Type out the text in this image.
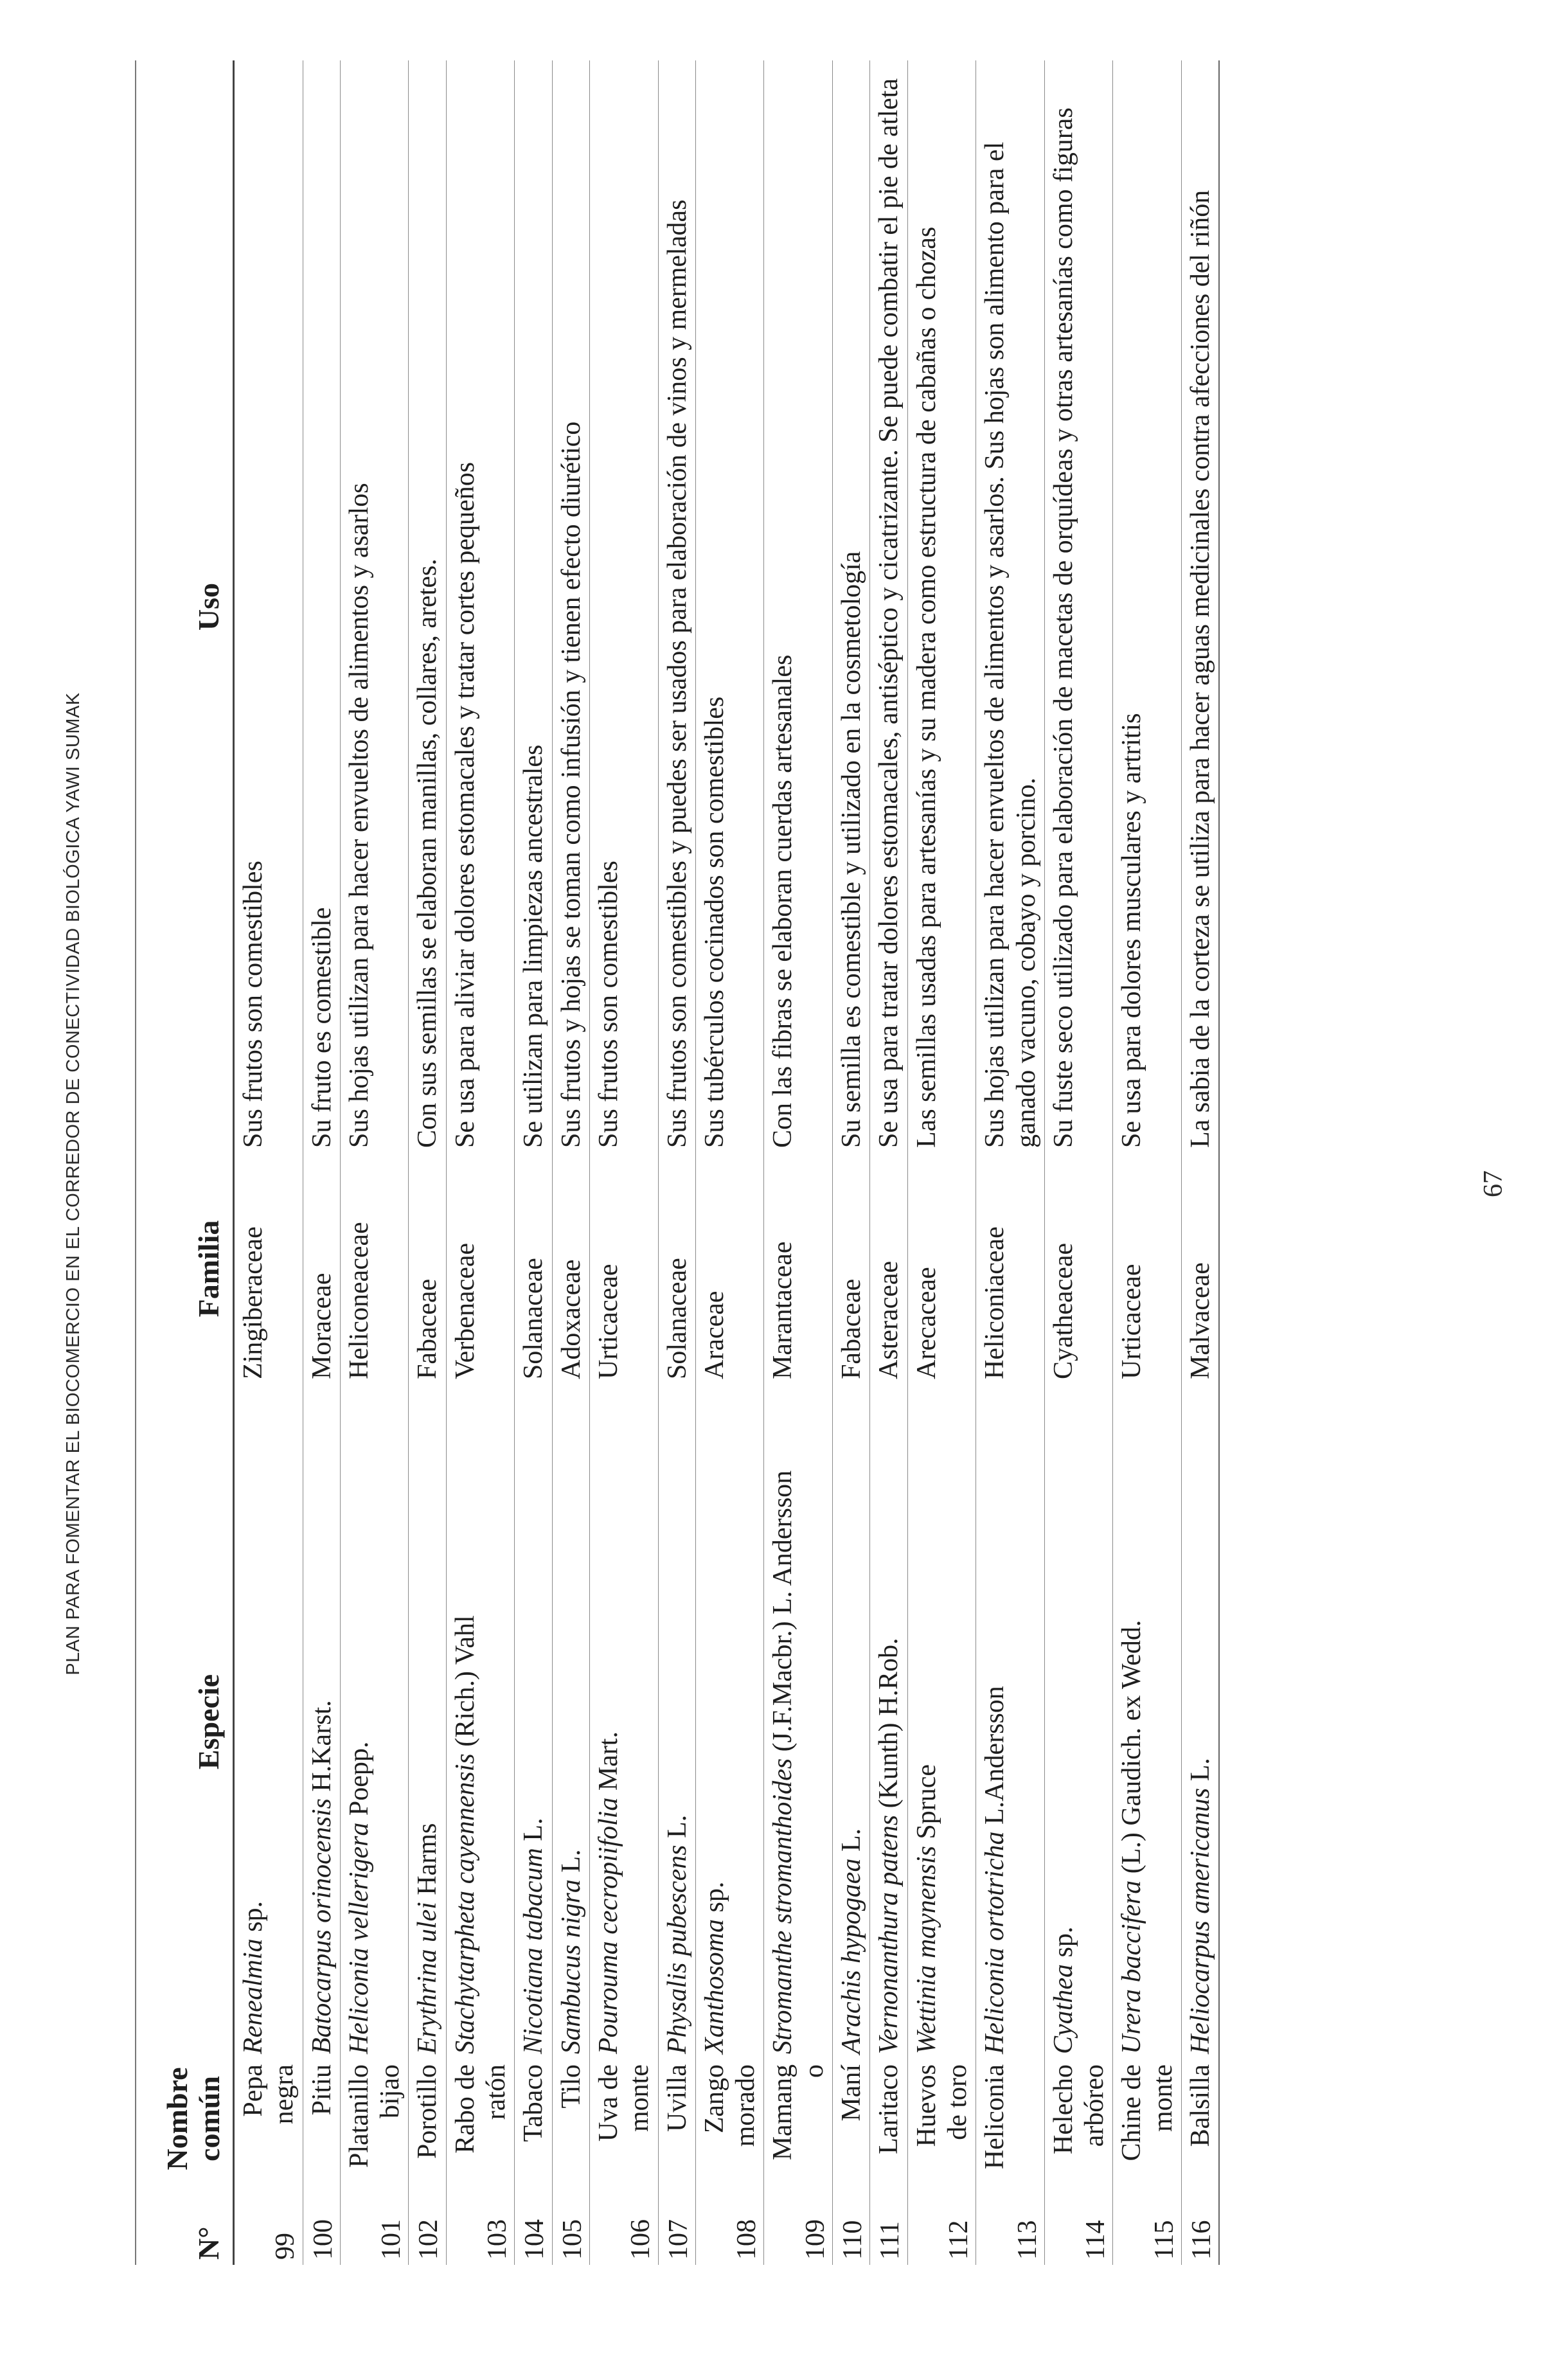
PLAN PARA FOMENTAR EL BIOCOMERCIO EN EL CORREDOR DE CONECTIVIDAD BIOLÓGICA YAWI SUMAK
N°	Nombre común	Especie	Familia	Uso
99	Pepa negra	Renealmia sp.	Zingiberaceae	Sus frutos son comestibles
100	Pitiu	Batocarpus orinocensis H.Karst.	Moraceae	Su fruto es comestible
101	Platanillo bijao	Heliconia vellerigera Poepp.	Heliconeaceae	Sus hojas utilizan para hacer envueltos de alimentos y asarlos
102	Porotillo	Erythrina ulei Harms	Fabaceae	Con sus semillas se elaboran manillas, collares, aretes.
103	Rabo de ratón	Stachytarpheta cayennensis (Rich.) Vahl	Verbenaceae	Se usa para aliviar dolores estomacales y tratar cortes pequeños
104	Tabaco	Nicotiana tabacum L.	Solanaceae	Se utilizan para limpiezas ancestrales
105	Tilo	Sambucus nigra L.	Adoxaceae	Sus frutos y hojas se toman como infusión y tienen efecto diurético
106	Uva de monte	Pourouma cecropiifolia Mart.	Urticaceae	Sus frutos son comestibles
107	Uvilla	Physalis pubescens L.	Solanaceae	Sus frutos son comestibles y puedes ser usados para elaboración de vinos y mermeladas
108	Zango morado	Xanthosoma sp.	Araceae	Sus tubérculos cocinados son comestibles
109	Mamango	Stromanthe stromanthoides (J.F.Macbr.) L. Andersson	Marantaceae	Con las fibras se elaboran cuerdas artesanales
110	Maní	Arachis hypogaea L.	Fabaceae	Su semilla es comestible y utilizado en la cosmetología
111	Laritaco	Vernonanthura patens (Kunth) H.Rob.	Asteraceae	Se usa para tratar dolores estomacales, antiséptico y cicatrizante. Se puede combatir el pie de atleta
112	Huevos de toro	Wettinia maynensis Spruce	Arecaceae	Las semillas usadas para artesanías y su madera como estructura de cabañas o chozas
113	Heliconia	Heliconia ortotricha L.Andersson	Heliconiaceae	Sus hojas utilizan para hacer envueltos de alimentos y asarlos. Sus hojas son alimento para el ganado vacuno, cobayo y porcino.
114	Helecho arbóreo	Cyathea sp.	Cyatheaceae	Su fuste seco utilizado para elaboración de macetas de orquídeas y otras artesanías como figuras
115	Chine de monte	Urera baccifera (L.) Gaudich. ex Wedd.	Urticaceae	Se usa para dolores musculares y artritis
116	Balsilla	Heliocarpus americanus L.	Malvaceae	La sabia de la corteza se utiliza para hacer aguas medicinales contra afecciones del riñón
67
